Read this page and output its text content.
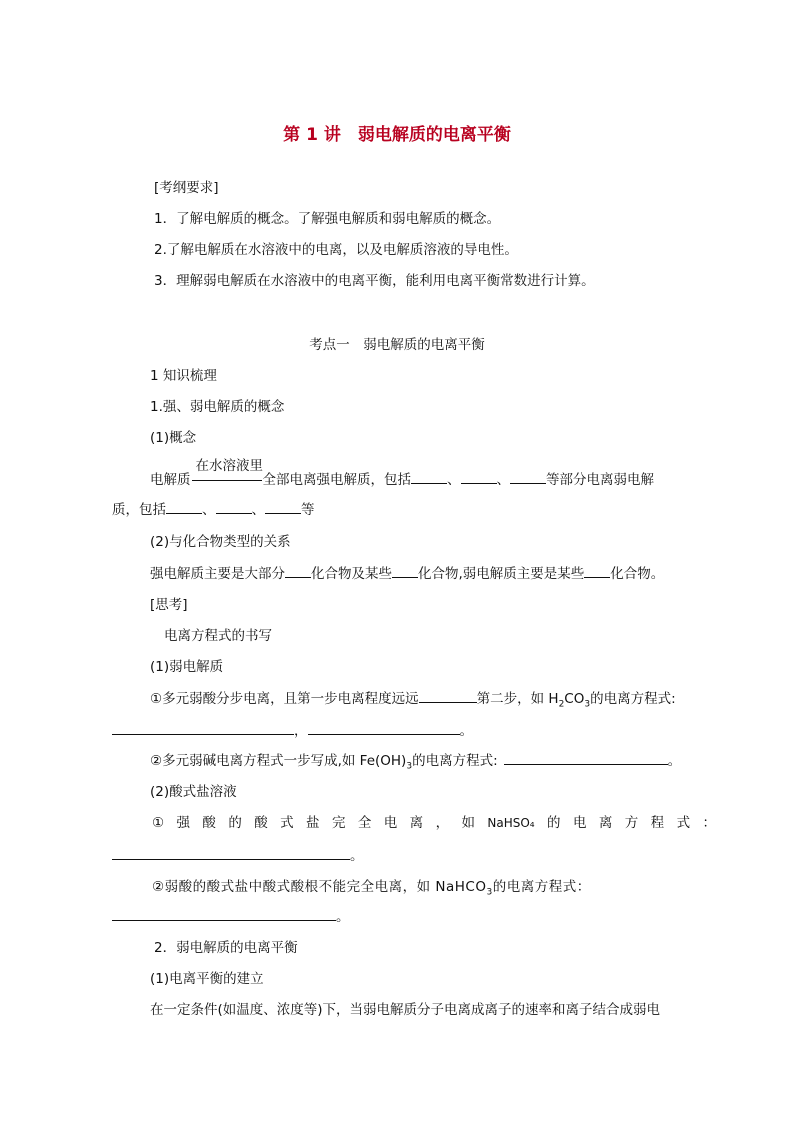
第 1 讲　弱电解质的电离平衡
[考纲要求]
1．了解电解质的概念。了解强电解质和弱电解质的概念。
2.了解电解质在水溶液中的电离，以及电解质溶液的导电性。
3．理解弱电解质在水溶液中的电离平衡，能利用电离平衡常数进行计算。
考点一　弱电解质的电离平衡
1 知识梳理
1.强、弱电解质的概念
(1)概念
电解质
在水溶液里
全部电离强电解质，包括	、	、	等部分电离弱电解
质，包括	、	、	等
(2)与化合物类型的关系
强电解质主要是大部分 化合物及某些 化合物,弱电解质主要是某些 化合物。
[思考]
电离方程式的书写
(1)弱电解质
①多元弱酸分步电离，且第一步电离程度远远	第二步，如 $H_2CO_3$的电离方程式:
，	。
②多元弱碱电离方程式一步写成,如 $Fe(OH)_3$的电离方程式:	。
(2)酸式盐溶液
① 强 酸 的 酸 式 盐 完 全 电 离 ， 如 NaHSO₄ 的 电 离 方 程 式 ：
。
②弱酸的酸式盐中酸式酸根不能完全电离，如 NaHCO$_3$的电离方程式：
。
2．弱电解质的电离平衡
(1)电离平衡的建立
在一定条件(如温度、浓度等)下，当弱电解质分子电离成离子的速率和离子结合成弱电
